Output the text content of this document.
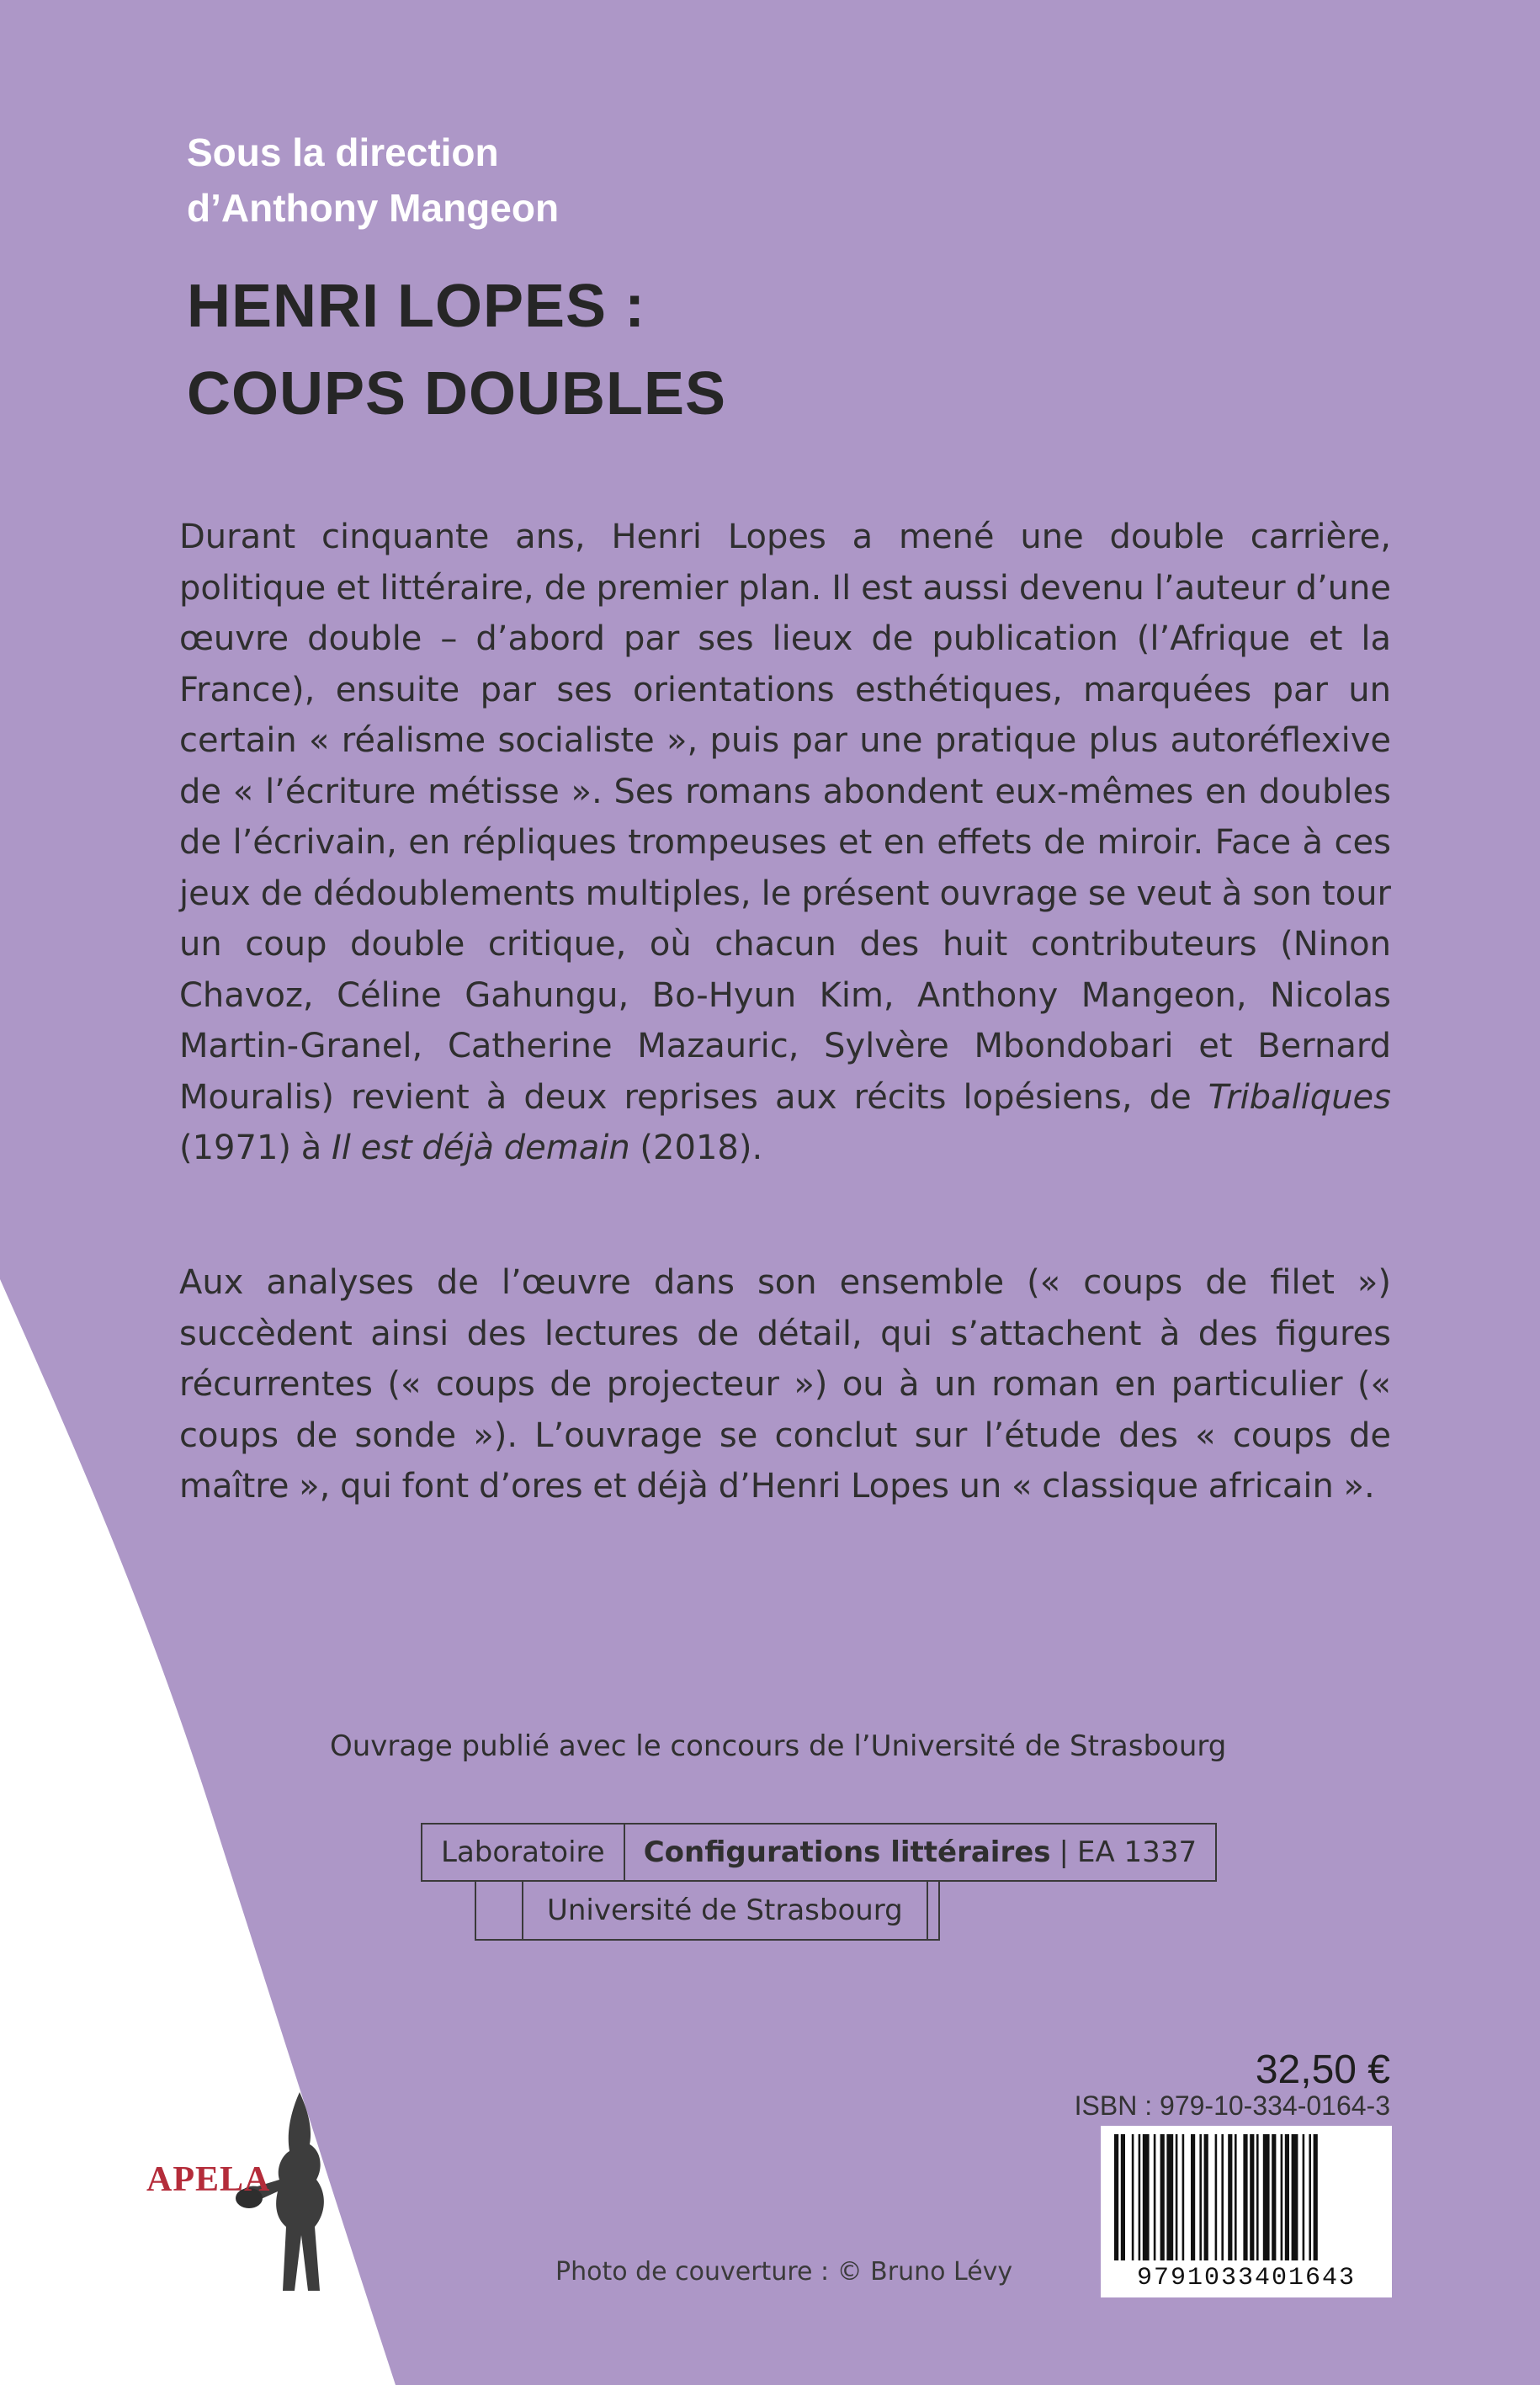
Sous la direction
d’Anthony Mangeon
HENRI LOPES :
COUPS DOUBLES

Durant cinquante ans, Henri Lopes a mené une double carrière, politique et littéraire, de premier plan. Il est aussi devenu l’auteur d’une œuvre double – d’abord par ses lieux de publication (l’Afrique et la France), ensuite par ses orientations esthétiques, marquées par un certain « réalisme socialiste », puis par une pratique plus autoréflexive de « l’écriture métisse ». Ses romans abondent eux-mêmes en doubles de l’écrivain, en répliques trompeuses et en effets de miroir. Face à ces jeux de dédoublements multiples, le présent ouvrage se veut à son tour un coup double critique, où chacun des huit contributeurs (Ninon Chavoz, Céline Gahungu, Bo-Hyun Kim, Anthony Mangeon, Nicolas Martin-Granel, Catherine Mazauric, Sylvère Mbondobari et Bernard Mouralis) revient à deux reprises aux récits lopésiens, de Tribaliques (1971) à Il est déjà demain (2018).

Aux analyses de l’œuvre dans son ensemble (« coups de filet ») succèdent ainsi des lectures de détail, qui s’attachent à des figures récurrentes (« coups de projecteur ») ou à un roman en particulier (« coups de sonde »). L’ouvrage se conclut sur l’étude des « coups de maître », qui font d’ores et déjà d’Henri Lopes un « classique africain ».

Ouvrage publié avec le concours de l’Université de Strasbourg
Laboratoire	Configurations littéraires | EA 1337
Université de Strasbourg
32,50 €
ISBN : 979-10-334-0164-3
9791033401643
APELA
Photo de couverture : © Bruno Lévy
